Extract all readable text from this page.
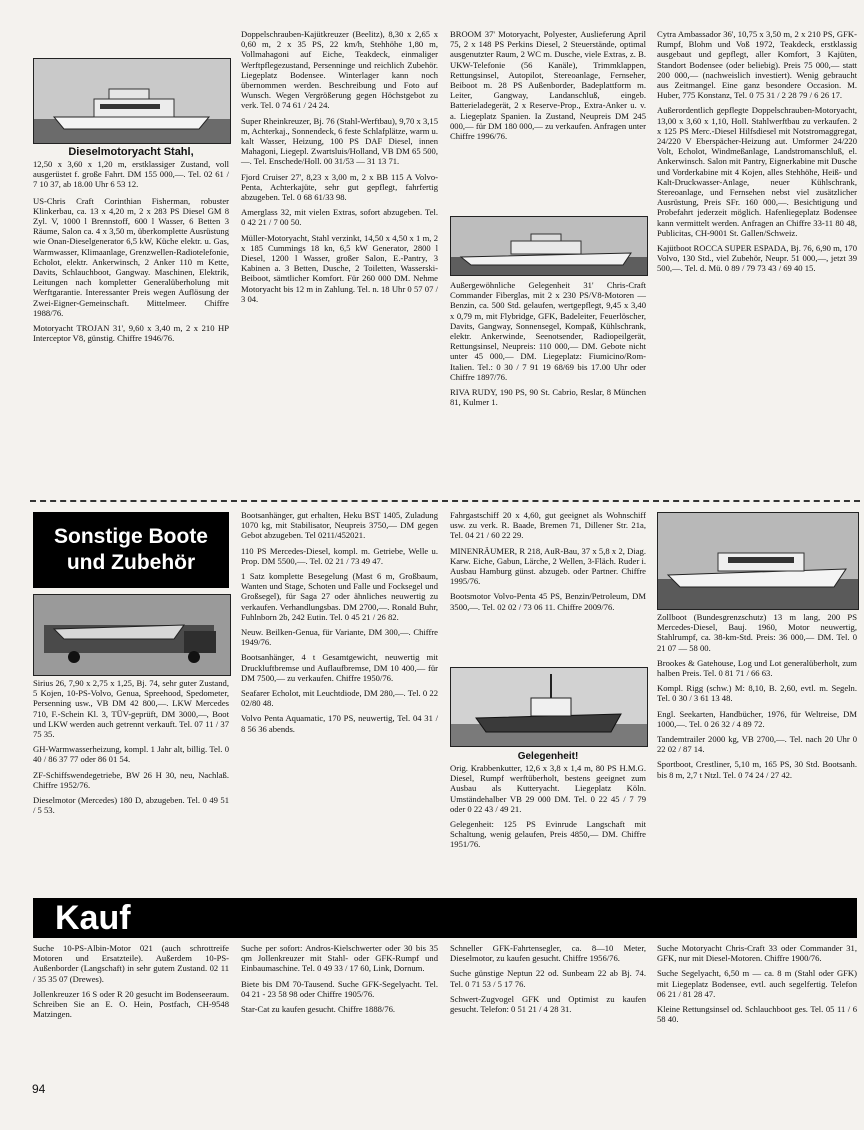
Dieselmotoryacht Stahl,
12,50 x 3,60 x 1,20 m, erstklassiger Zustand, voll ausgerüstet f. große Fahrt. DM 155 000,—. Tel. 02 61 / 7 10 37, ab 18.00 Uhr 6 53 12.
US-Chris Craft Corinthian Fisherman, robuster Klinkerbau, ca. 13 x 4,20 m, 2 x 283 PS Diesel GM 8 Zyl. V, 1000 l Brennstoff, 600 l Wasser, 6 Betten 3 Räume, Salon ca. 4 x 3,50 m, überkomplette Ausrüstung wie Onan-Dieselgenerator 6,5 kW, Küche elektr. u. Gas, Warmwasser, Klimaanlage, Grenzwellen-Radiotelefonie, Echolot, elektr. Ankerwinsch, 2 Anker 110 m Kette, Davits, Schlauchboot, Gangway. Maschinen, Elektrik, Leitungen nach kompletter Generalüberholung mit Werftgarantie. Interessanter Preis wegen Auflösung der Zwei-Eigner-Gemeinschaft. Mittelmeer. Chiffre 1988/76.
Motoryacht TROJAN 31', 9,60 x 3,40 m, 2 x 210 HP Interceptor V8, günstig. Chiffre 1946/76.
Doppelschrauben-Kajütkreuzer (Beelitz), 8,30 x 2,65 x 0,60 m, 2 x 35 PS, 22 km/h, Stehhöhe 1,80 m, Vollmahagoni auf Eiche, Teakdeck, einmaliger Werftpflegezustand, Persenninge und reichlich Zubehör. Liegeplatz Bodensee. Winterlager kann noch übernommen werden. Beschreibung und Foto auf Wunsch. Wegen Vergrößerung gegen Höchstgebot zu verk. Tel. 0 74 61 / 24 24.
Super Rheinkreuzer, Bj. 76 (Stahl-Werftbau), 9,70 x 3,15 m, Achterkaj., Sonnendeck, 6 feste Schlafplätze, warm u. kalt Wasser, Heizung, 100 PS DAF Diesel, innen Mahagoni, Liegepl. Zwartsluis/Holland, VB DM 65 500,—. Tel. Enschede/Holl. 00 31/53 — 31 13 71.
Fjord Cruiser 27', 8,23 x 3,00 m, 2 x BB 115 A Volvo-Penta, Achterkajüte, sehr gut gepflegt, fahrfertig abzugeben. Tel. 0 68 61/33 98.
Amerglass 32, mit vielen Extras, sofort abzugeben. Tel. 0 42 21 / 7 00 50.
Müller-Motoryacht, Stahl verzinkt, 14,50 x 4,50 x 1 m, 2 x 185 Cummings 18 kn, 6,5 kW Generator, 2800 l Diesel, 1200 l Wasser, großer Salon, E.-Pantry, 3 Kabinen a. 3 Betten, Dusche, 2 Toiletten, Wasserski-Beiboot, sämtlicher Komfort. Für 260 000 DM. Nehme Motoryacht bis 12 m in Zahlung. Tel. n. 18 Uhr 0 57 07 / 3 04.
BROOM 37' Motoryacht, Polyester, Auslieferung April 75, 2 x 148 PS Perkins Diesel, 2 Steuerstände, optimal ausgenutzter Raum, 2 WC m. Dusche, viele Extras, z. B. UKW-Telefonie (56 Kanäle), Trimmklappen, Rettungsinsel, Autopilot, Stereoanlage, Fernseher, Beiboot m. 28 PS Außenborder, Badeplattform m. Leiter, Gangway, Landanschluß, eingeb. Batterieladegerät, 2 x Reserve-Prop., Extra-Anker u. v. a. Liegeplatz Spanien. Ia Zustand, Neupreis DM 245 000,— für DM 180 000,— zu verkaufen. Anfragen unter Chiffre 1996/76.
Außergewöhnliche Gelegenheit 31' Chris-Craft Commander Fiberglas, mit 2 x 230 PS/V8-Motoren — Benzin, ca. 500 Std. gelaufen, wertgepflegt, 9,45 x 3,40 x 0,79 m, mit Flybridge, GFK, Badeleiter, Feuerlöscher, Davits, Gangway, Sonnensegel, Kompaß, Kühlschrank, elektr. Ankerwinde, Seenotsender, Radiopeilgerät, Rettungsinsel, Neupreis: 110 000,— DM. Gebote nicht unter 45 000,— DM. Liegeplatz: Fiumicino/Rom-Italien. Tel.: 0 30 / 7 91 19 68/69 bis 17.00 Uhr oder Chiffre 1897/76.
RIVA RUDY, 190 PS, 90 St. Cabrio, Reslar, 8 München 81, Kulmer 1.
Cytra Ambassador 36', 10,75 x 3,50 m, 2 x 210 PS, GFK-Rumpf, Blohm und Voß 1972, Teakdeck, erstklassig ausgebaut und gepflegt, aller Komfort, 3 Kajüten, Standort Bodensee (oder beliebig). Preis 75 000,— statt 200 000,— (nachweislich investiert). Wenig gebraucht aus Zeitmangel. Eine ganz besondere Occasion. M. Huber, 775 Konstanz, Tel. 0 75 31 / 2 28 79 / 6 26 17.
Außerordentlich gepflegte Doppelschrauben-Motoryacht, 13,00 x 3,60 x 1,10, Holl. Stahlwerftbau zu verkaufen. 2 x 125 PS Merc.-Diesel Hilfsdiesel mit Notstromaggregat, 24/220 V Eberspächer-Heizung aut. Umformer 24/220 Volt, Echolot, Windmeßanlage, Landstromanschluß, el. Ankerwinsch. Salon mit Pantry, Eignerkabine mit Dusche und Vorderkabine mit 4 Kojen, alles Stehhöhe, Heiß- und Kalt-Druckwasser-Anlage, neuer Kühlschrank, Stereoanlage, und Fernsehen nebst viel zusätzlicher Ausrüstung, Preis SFr. 160 000,—. Besichtigung und Probefahrt jederzeit möglich. Hafenliegeplatz Bodensee kann vermittelt werden. Anfragen an Chiffre 33-11 80 48, Publicitas, CH-9001 St. Gallen/Schweiz.
Kajütboot ROCCA SUPER ESPADA, Bj. 76, 6,90 m, 170 Volvo, 130 Std., viel Zubehör, Neupr. 51 000,—, jetzt 39 500,—. Tel. d. Mü. 0 89 / 79 73 43 / 69 40 15.
Sonstige Boote
und Zubehör
Sirius 26, 7,90 x 2,75 x 1,25, Bj. 74, sehr guter Zustand, 5 Kojen, 10-PS-Volvo, Genua, Spreehood, Spedometer, Persenning usw., VB DM 42 800,—. LKW Mercedes 710, F.-Schein Kl. 3, TÜV-geprüft, DM 3000,—, Boot und LKW werden auch getrennt verkauft. Tel. 07 11 / 37 75 35.
GH-Warmwasserheizung, kompl. 1 Jahr alt, billig. Tel. 0 40 / 86 37 77 oder 86 01 54.
ZF-Schiffswendegetriebe, BW 26 H 30, neu, Nachlaß. Chiffre 1952/76.
Dieselmotor (Mercedes) 180 D, abzugeben. Tel. 0 49 51 / 5 53.
Bootsanhänger, gut erhalten, Heku BST 1405, Zuladung 1070 kg, mit Stabilisator, Neupreis 3750,— DM gegen Gebot abzugeben. Tel 0211/452021.
110 PS Mercedes-Diesel, kompl. m. Getriebe, Welle u. Prop. DM 5500,—. Tel. 02 21 / 73 49 47.
1 Satz komplette Besegelung (Mast 6 m, Großbaum, Wanten und Stage, Schoten und Falle und Focksegel und Großsegel), für Saga 27 oder ähnliches neuwertig zu verkaufen. Verhandlungsbas. DM 2700,—. Ronald Buhr, Fuhlnborn 2b, 242 Eutin. Tel. 0 45 21 / 26 82.
Neuw. Beilken-Genua, für Variante, DM 300,—. Chiffre 1949/76.
Bootsanhänger, 4 t Gesamtgewicht, neuwertig mit Druckluftbremse und Auflaufbremse, DM 10 400,— für DM 7500,— zu verkaufen. Chiffre 1950/76.
Seafarer Echolot, mit Leuchtdiode, DM 280,—. Tel. 0 22 02/80 48.
Volvo Penta Aquamatic, 170 PS, neuwertig, Tel. 04 31 / 8 56 36 abends.
Fahrgastschiff 20 x 4,60, gut geeignet als Wohnschiff usw. zu verk. R. Baade, Bremen 71, Dillener Str. 21a, Tel. 04 21 / 60 22 29.
MINENRÄUMER, R 218, AuR-Bau, 37 x 5,8 x 2, Diag. Karw. Eiche, Gabun, Lärche, 2 Wellen, 3-Fläch. Ruder i. Ausbau Hamburg günst. abzugeb. oder Partner. Chiffre 1995/76.
Bootsmotor Volvo-Penta 45 PS, Benzin/Petroleum, DM 3500,—. Tel. 02 02 / 73 06 11. Chiffre 2009/76.
Gelegenheit!
Orig. Krabbenkutter, 12,6 x 3,8 x 1,4 m, 80 PS H.M.G. Diesel, Rumpf werftüberholt, bestens geeignet zum Ausbau als Kutteryacht. Liegeplatz Köln. Umständehalber VB 29 000 DM. Tel. 0 22 45 / 7 79 oder 0 22 43 / 49 21.
Gelegenheit: 125 PS Evinrude Langschaft mit Schaltung, wenig gelaufen, Preis 4850,— DM. Chiffre 1951/76.
Zollboot (Bundesgrenzschutz) 13 m lang, 200 PS Mercedes-Diesel, Bauj. 1960, Motor neuwertig, Stahlrumpf, ca. 38-km-Std. Preis: 36 000,— DM. Tel. 0 21 07 — 58 00.
Brookes & Gatehouse, Log und Lot generalüberholt, zum halben Preis. Tel. 0 81 71 / 66 63.
Kompl. Rigg (schw.) M: 8,10, B. 2,60, evtl. m. Segeln. Tel. 0 30 / 3 61 13 48.
Engl. Seekarten, Handbücher, 1976, für Weltreise, DM 1000,—. Tel. 0 26 32 / 4 89 72.
Tandemtrailer 2000 kg, VB 2700,—. Tel. nach 20 Uhr 0 22 02 / 87 14.
Sportboot, Crestliner, 5,10 m, 165 PS, 30 Std. Bootsanh. bis 8 m, 2,7 t Ntzl. Tel. 0 74 24 / 27 42.
Kauf
Suche 10-PS-Albin-Motor 021 (auch schrottreife Motoren und Ersatzteile). Außerdem 10-PS-Außenborder (Langschaft) in sehr gutem Zustand. 02 11 / 35 35 07 (Drewes).
Jollenkreuzer 16 S oder R 20 gesucht im Bodenseeraum. Schreiben Sie an E. O. Hein, Postfach, CH-9548 Matzingen.
Suche per sofort: Andros-Kielschwerter oder 30 bis 35 qm Jollenkreuzer mit Stahl- oder GFK-Rumpf und Einbaumaschine. Tel. 0 49 33 / 17 60, Link, Dornum.
Biete bis DM 70-Tausend. Suche GFK-Segelyacht. Tel. 04 21 - 23 58 98 oder Chiffre 1905/76.
Star-Cat zu kaufen gesucht. Chiffre 1888/76.
Schneller GFK-Fahrtensegler, ca. 8—10 Meter, Dieselmotor, zu kaufen gesucht. Chiffre 1956/76.
Suche günstige Neptun 22 od. Sunbeam 22 ab Bj. 74. Tel. 0 71 53 / 5 17 76.
Schwert-Zugvogel GFK und Optimist zu kaufen gesucht. Telefon: 0 51 21 / 4 28 31.
Suche Motoryacht Chris-Craft 33 oder Commander 31, GFK, nur mit Diesel-Motoren. Chiffre 1900/76.
Suche Segelyacht, 6,50 m — ca. 8 m (Stahl oder GFK) mit Liegeplatz Bodensee, evtl. auch segelfertig. Telefon 06 21 / 81 28 47.
Kleine Rettungsinsel od. Schlauchboot ges. Tel. 05 11 / 6 58 40.
94
